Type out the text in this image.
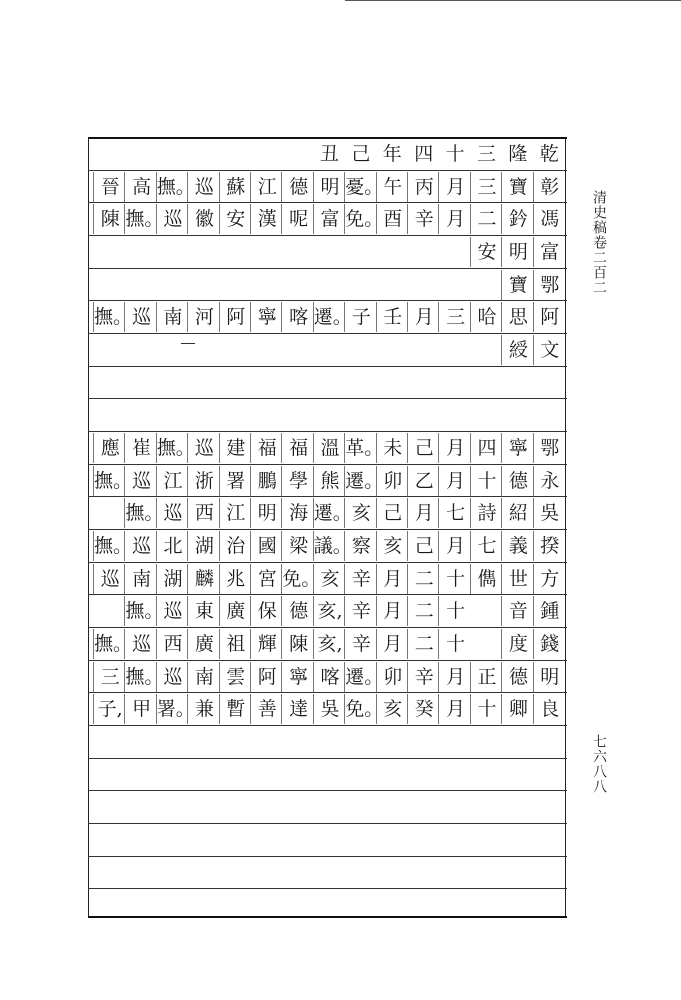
乾
隆
三
十
四
年
己
丑
彰
寶
三
月
丙
午
憂。
明
德
江
蘇
巡
撫。
高
晉
馮
鈐
二
月
辛
酉
免。
富
呢
漢
安
徽
巡
撫。
陳
富
明
安
鄂
寶
阿
思
哈
三
月
壬
子
遷。
喀
寧
阿
河
南
巡
撫。
文
綬
鄂
寧
四
月
己
未
革。
溫
福
福
建
巡
撫。
崔
應
永
德
十
月
乙
卯
遷。
熊
學
鵬
署
浙
江
巡
撫。
吳
紹
詩
七
月
己
亥
遷。
海
明
江
西
巡
撫。
揆
義
七
月
己
亥
察
議。
梁
國
治
湖
北
巡
撫。
方
世
儁
十
二
月
辛
亥
免。
宮
兆
麟
湖
南
巡
鍾
音
十
二
月
辛
亥,
德
保
廣
東
巡
撫。
錢
度
十
二
月
辛
亥,
陳
輝
祖
廣
西
巡
撫。
明
德
正
月
辛
卯
遷。
喀
寧
阿
雲
南
巡
撫。
三
良
卿
十
月
癸
亥
免。
吳
達
善
暫
兼
署。
甲
子,
清史稿卷二百二
七六八八
